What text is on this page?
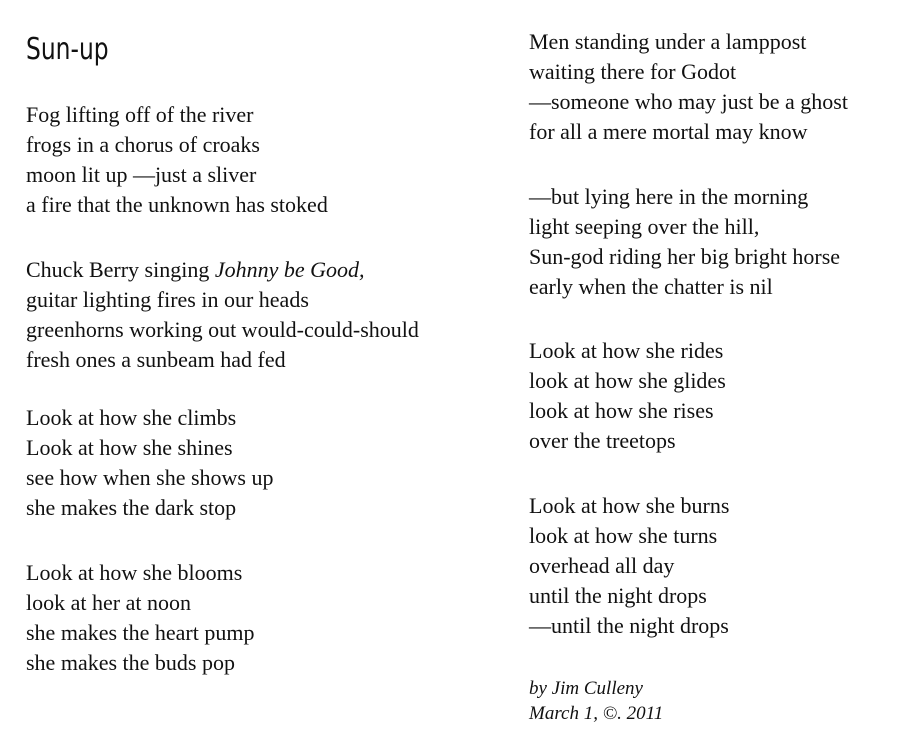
Sun-up
Fog lifting off of the river
frogs in a chorus of croaks
moon lit up —just a sliver
a fire that the unknown has stoked
Chuck Berry singing Johnny be Good,
guitar lighting fires in our heads
greenhorns working out would-could-should
fresh ones a sunbeam had fed
Look at how she climbs
Look at how she shines
see how when she shows up
she makes the dark stop
Look at how she blooms
look at her at noon
she makes the heart pump
she makes the buds pop
Men standing under a lamppost
waiting there for Godot
—someone who may just be a ghost
for all a mere mortal may know
—but lying here in the morning
light seeping over the hill,
Sun-god riding her big bright horse
early when the chatter is nil
Look at how she rides
look at how she glides
look at how she rises
over the treetops
Look at how she burns
look at how she turns
overhead all day
until the night drops
—until the night drops
by Jim Culleny
March 1, ©. 2011
